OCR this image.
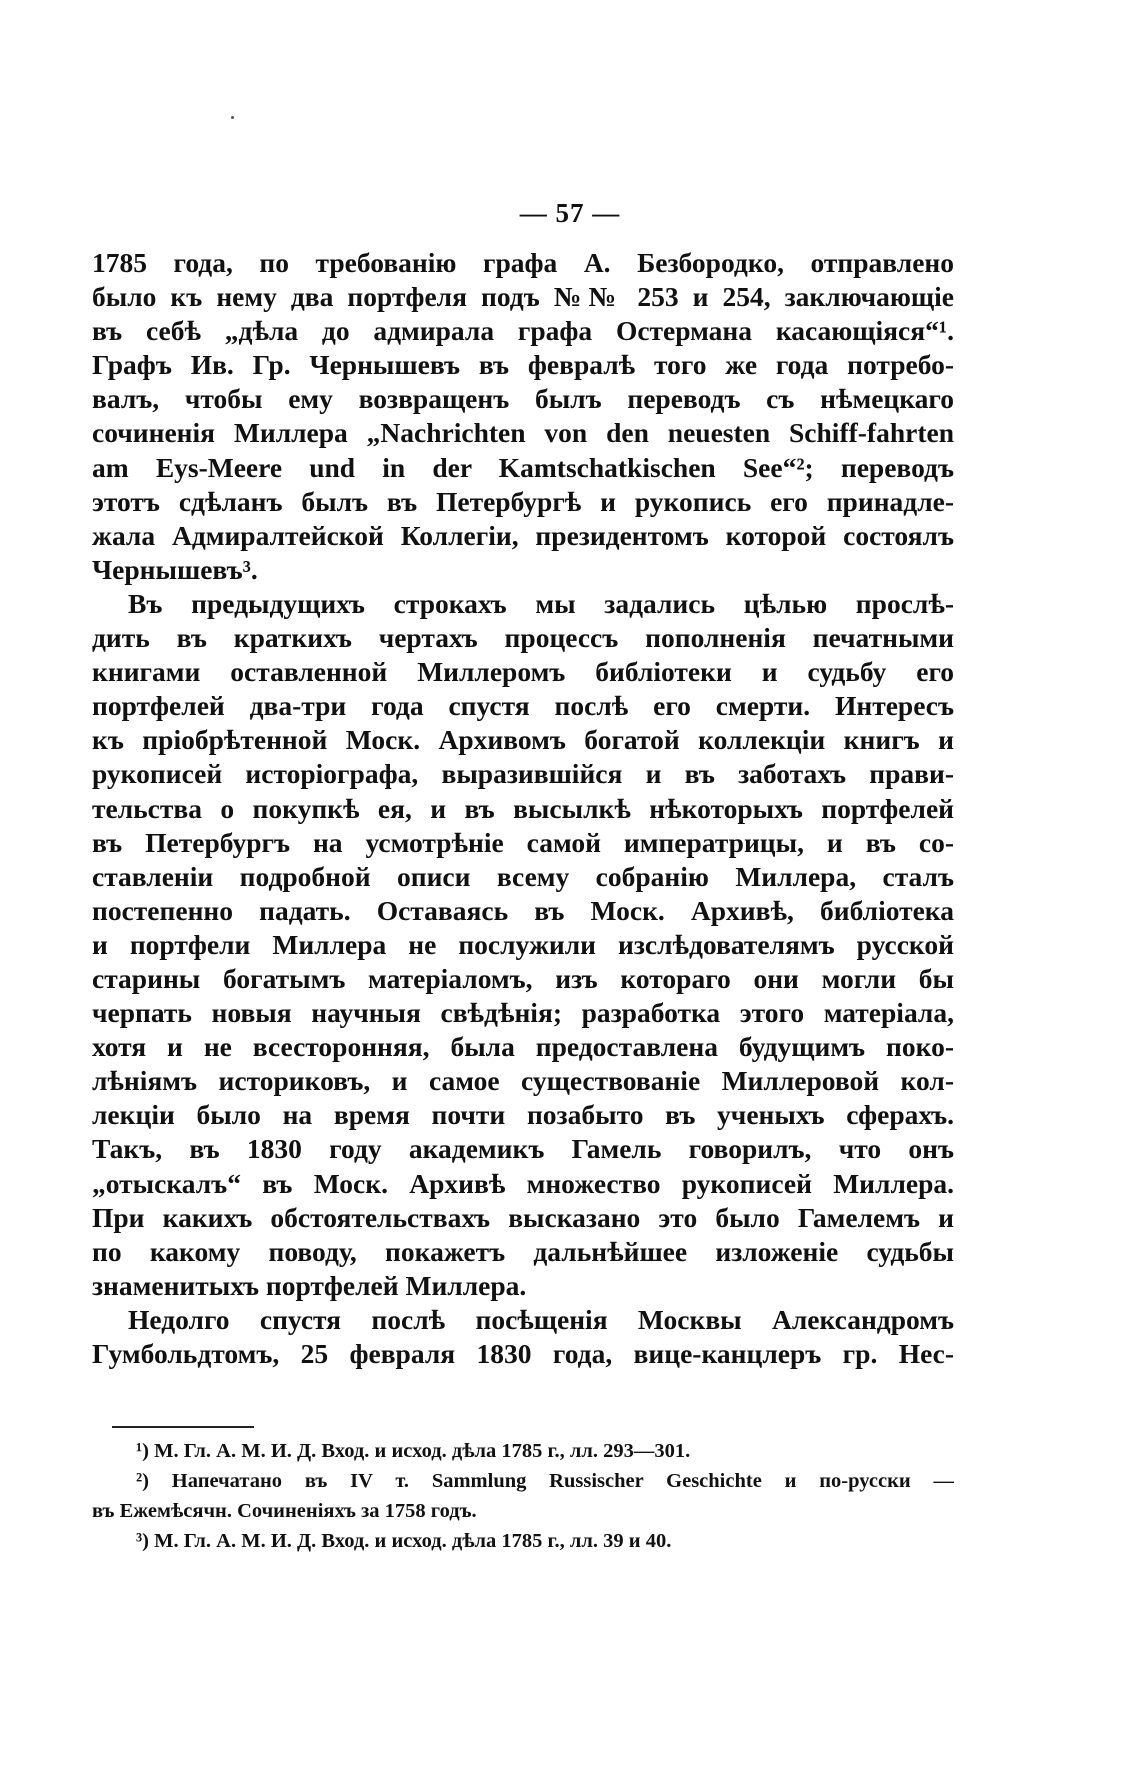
— 57 —
1785 года, по требованію графа А. Безбородко, отправлено
было къ нему два портфеля подъ №№ 253 и 254, заключающіе
въ себѣ „дѣла до адмирала графа Остермана касающіяся“¹.
Графъ Ив. Гр. Чернышевъ въ февралѣ того же года потребо-
валъ, чтобы ему возвращенъ былъ переводъ съ нѣмецкаго
сочиненія Миллера „Nachrichten von den neuesten Schiff-fahrten
am Eys-Meere und in der Kamtschatkischen See“²; переводъ
этотъ сдѣланъ былъ въ Петербургѣ и рукопись его принадле-
жала Адмиралтейской Коллегіи, президентомъ которой состоялъ
Чернышевъ³.
Въ предыдущихъ строкахъ мы задались цѣлью прослѣ-
дить въ краткихъ чертахъ процессъ пополненія печатными
книгами оставленной Миллеромъ библіотеки и судьбу его
портфелей два-три года спустя послѣ его смерти. Интересъ
къ пріобрѣтенной Моск. Архивомъ богатой коллекціи книгъ и
рукописей исторіографа, выразившійся и въ заботахъ прави-
тельства о покупкѣ ея, и въ высылкѣ нѣкоторыхъ портфелей
въ Петербургъ на усмотрѣніе самой императрицы, и въ со-
ставленіи подробной описи всему собранію Миллера, сталъ
постепенно падать. Оставаясь въ Моск. Архивѣ, библіотека
и портфели Миллера не послужили изслѣдователямъ русской
старины богатымъ матеріаломъ, изъ котораго они могли бы
черпать новыя научныя свѣдѣнія; разработка этого матеріала,
хотя и не всесторонняя, была предоставлена будущимъ поко-
лѣніямъ историковъ, и самое существованіе Миллеровой кол-
лекціи было на время почти позабыто въ ученыхъ сферахъ.
Такъ, въ 1830 году академикъ Гамель говорилъ, что онъ
„отыскалъ“ въ Моск. Архивѣ множество рукописей Миллера.
При какихъ обстоятельствахъ высказано это было Гамелемъ и
по какому поводу, покажетъ дальнѣйшее изложеніе судьбы
знаменитыхъ портфелей Миллера.
Недолго спустя послѣ посѣщенія Москвы Александромъ
Гумбольдтомъ, 25 февраля 1830 года, вице-канцлеръ гр. Нес-
¹) М. Гл. А. М. И. Д. Вход. и исход. дѣла 1785 г., лл. 293—301.
²) Напечатано въ IV т. Sammlung Russischer Geschichte и по-русски —
въ Ежемѣсячн. Сочиненіяхъ за 1758 годъ.
³) М. Гл. А. М. И. Д. Вход. и исход. дѣла 1785 г., лл. 39 и 40.
